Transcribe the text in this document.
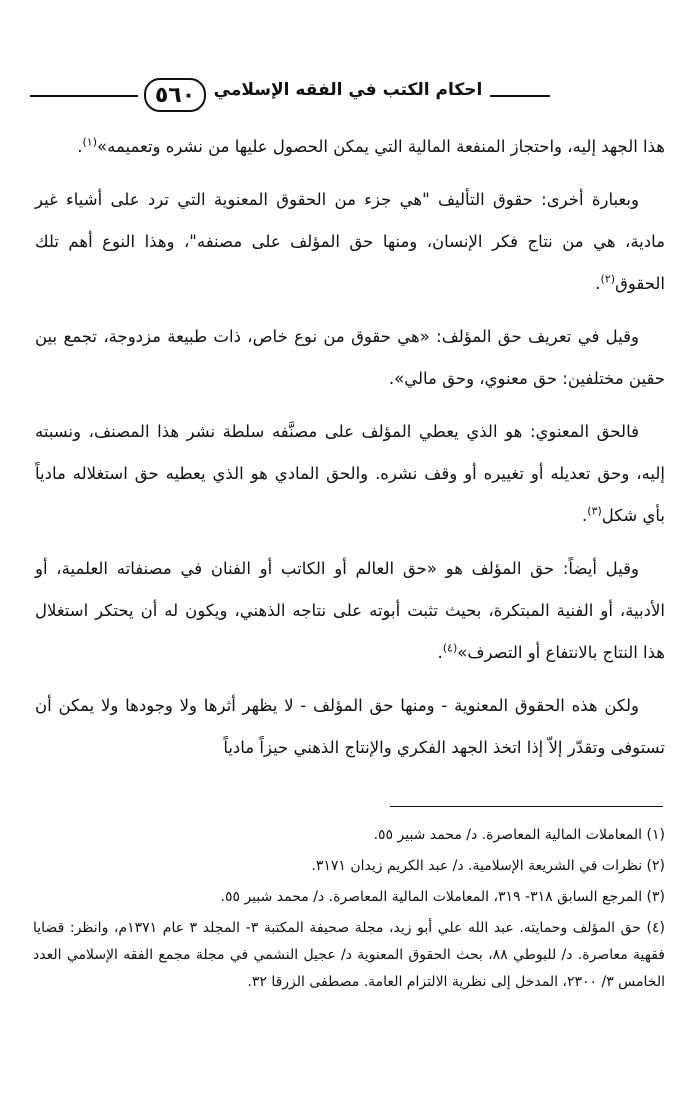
٥٦٠ احكام الكتب في الفقه الإسلامي

هذا الجهد إليه، واحتجاز المنفعة المالية التي يمكن الحصول عليها من نشره وتعميمه»$^{(١)}$.

وبعبارة أخرى: حقوق التأليف "هي جزء من الحقوق المعنوية التي ترد على أشياء غير مادية، هي من نتاج فكر الإنسان، ومنها حق المؤلف على مصنفه"، وهذا النوع أهم تلك الحقوق$^{(٢)}$.

وقيل في تعريف حق المؤلف: «هي حقوق من نوع خاص، ذات طبيعة مزدوجة، تجمع بين حقين مختلفين: حق معنوي، وحق مالي».

فالحق المعنوي: هو الذي يعطي المؤلف على مصنَّفه سلطة نشر هذا المصنف، ونسبته إليه، وحق تعديله أو تغييره أو وقف نشره. والحق المادي هو الذي يعطيه حق استغلاله مادياً بأي شكل$^{(٣)}$.

وقيل أيضاً: حق المؤلف هو «حق العالم أو الكاتب أو الفنان في مصنفاته العلمية، أو الأدبية، أو الفنية المبتكرة، بحيث تثبت أبوته على نتاجه الذهني، ويكون له أن يحتكر استغلال هذا النتاج بالانتفاع أو التصرف»$^{(٤)}$.

ولكن هذه الحقوق المعنوية - ومنها حق المؤلف - لا يظهر أثرها ولا وجودها ولا يمكن أن تستوفى وتقدّر إلاّ إذا اتخذ الجهد الفكري والإنتاج الذهني حيزاً مادياً

(١) المعاملات المالية المعاصرة. د/ محمد شبير ٥٥.

(٢) نظرات في الشريعة الإسلامية. د/ عبد الكريم زيدان ٣١٧١.

(٣) المرجع السابق ٣١٨- ٣١٩، المعاملات المالية المعاصرة. د/ محمد شبير ٥٥.

(٤) حق المؤلف وحمايته. عبد الله علي أبو زيد، مجلة صحيفة المكتبة ٣- المجلد ٣ عام ١٣٧١م، وانظر: قضايا فقهية معاصرة. د/ للبوطي ٨٨، بحث الحقوق المعنوية د/ عجيل النشمي في مجلة مجمع الفقه الإسلامي العدد الخامس ٣/ ٢٣٠٠، المدخل إلى نظرية الالتزام العامة. مصطفى الزرقا ٣٢.
